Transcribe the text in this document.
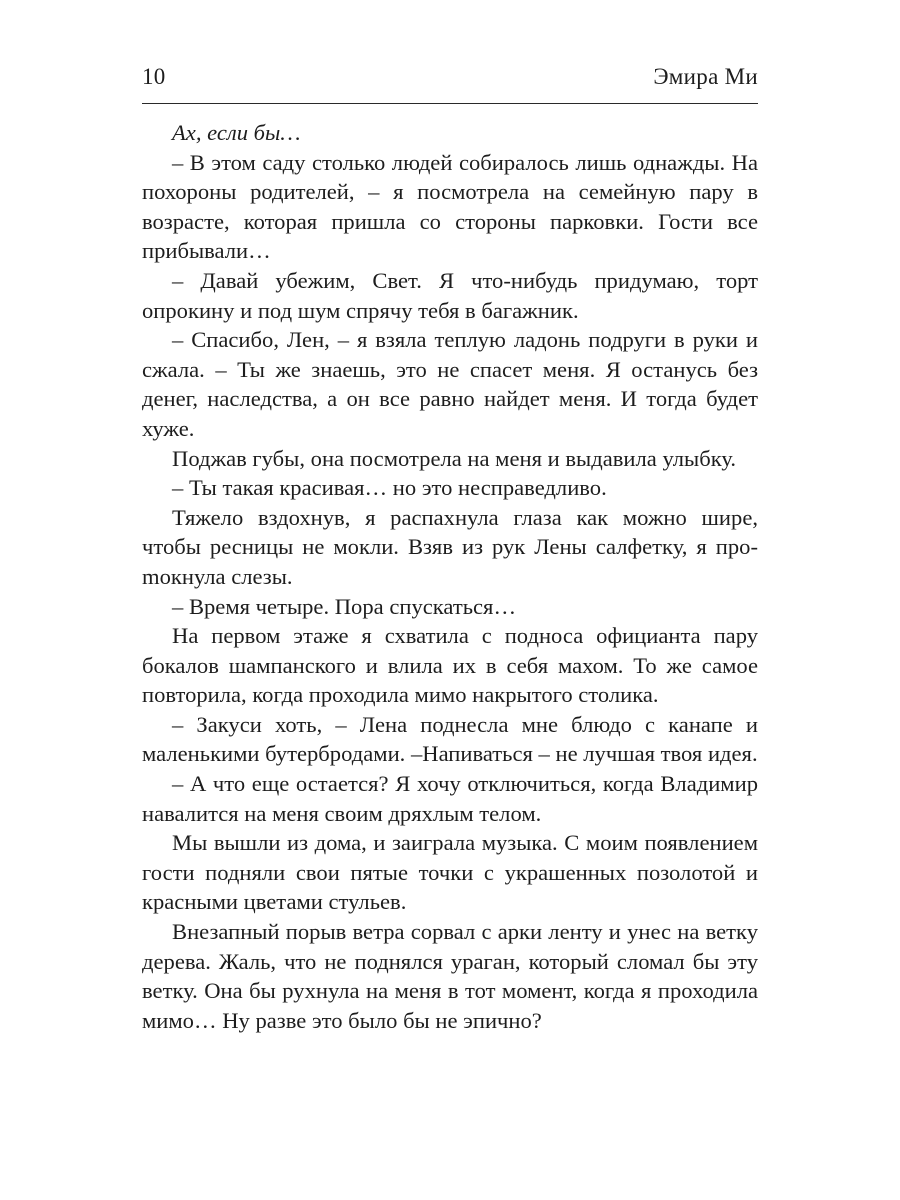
10	Эмира Ми

Ах, если бы…

– В этом саду столько людей собиралось лишь однажды. На похороны родителей, – я посмотрела на семейную пару в возрасте, которая пришла со стороны парковки. Гости все прибывали…

– Давай убежим, Свет. Я что-нибудь придумаю, торт опрокину и под шум спрячу тебя в багажник.

– Спасибо, Лен, – я взяла теплую ладонь подруги в руки и сжала. – Ты же знаешь, это не спасет меня. Я останусь без денег, наследства, а он все равно найдет меня. И тогда будет хуже.

Поджав губы, она посмотрела на меня и выдавила улыбку.

– Ты такая красивая… но это несправедливо.

Тяжело вздохнув, я распахнула глаза как можно шире, чтобы ресницы не мокли. Взяв из рук Лены салфетку, я проmокнула слезы.

– Время четыре. Пора спускаться…

На первом этаже я схватила с подноса официанта пару бокалов шампанского и влила их в себя махом. То же самое повторила, когда проходила мимо накрытого столика.

– Закуси хоть, – Лена поднесла мне блюдо с канапе и маленькими бутербродами. –Напиваться – не лучшая твоя идея.

– А что еще остается? Я хочу отключиться, когда Владимир навалится на меня своим дряхлым телом.

Мы вышли из дома, и заиграла музыка. С моим появлением гости подняли свои пятые точки с украшенных позолотой и красными цветами стульев.

Внезапный порыв ветра сорвал с арки ленту и унес на ветку дерева. Жаль, что не поднялся ураган, который сломал бы эту ветку. Она бы рухнула на меня в тот момент, когда я проходила мимо… Ну разве это было бы не эпично?
